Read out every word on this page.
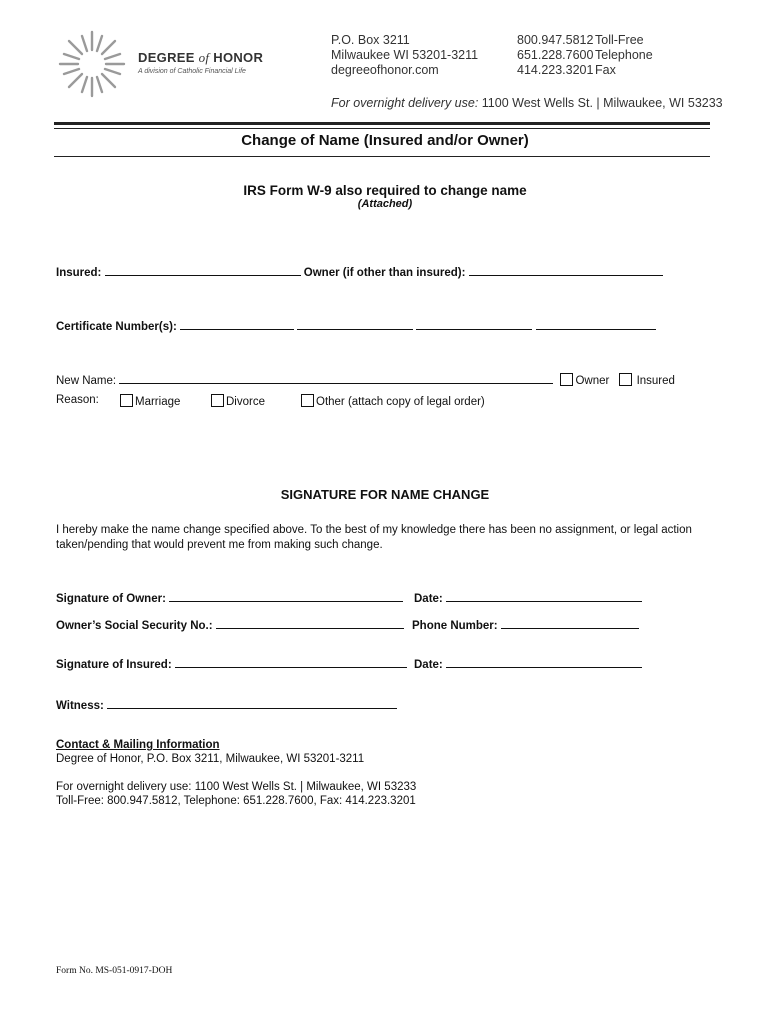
DEGREE of HONOR
A division of Catholic Financial Life
P.O. Box 3211
Milwaukee WI 53201-3211
degreeofhonor.com
800.947.5812 Toll-Free
651.228.7600 Telephone
414.223.3201 Fax
For overnight delivery use: 1100 West Wells St. | Milwaukee, WI 53233
Change of Name (Insured and/or Owner)
IRS Form W-9 also required to change name
(Attached)
Insured:	Owner (if other than insured):
Certificate Number(s):
New Name:	Owner Insured
Reason:	Marriage	Divorce	Other (attach copy of legal order)
SIGNATURE FOR NAME CHANGE
I hereby make the name change specified above. To the best of my knowledge there has been no assignment, or legal action taken/pending that would prevent me from making such change.
Signature of Owner:	Date:
Owner’s Social Security No.:	Phone Number:
Signature of Insured:	Date:
Witness:
Contact & Mailing Information
Degree of Honor, P.O. Box 3211, Milwaukee, WI 53201-3211
For overnight delivery use: 1100 West Wells St. | Milwaukee, WI 53233
Toll-Free: 800.947.5812, Telephone: 651.228.7600, Fax: 414.223.3201
Form No. MS-051-0917-DOH
